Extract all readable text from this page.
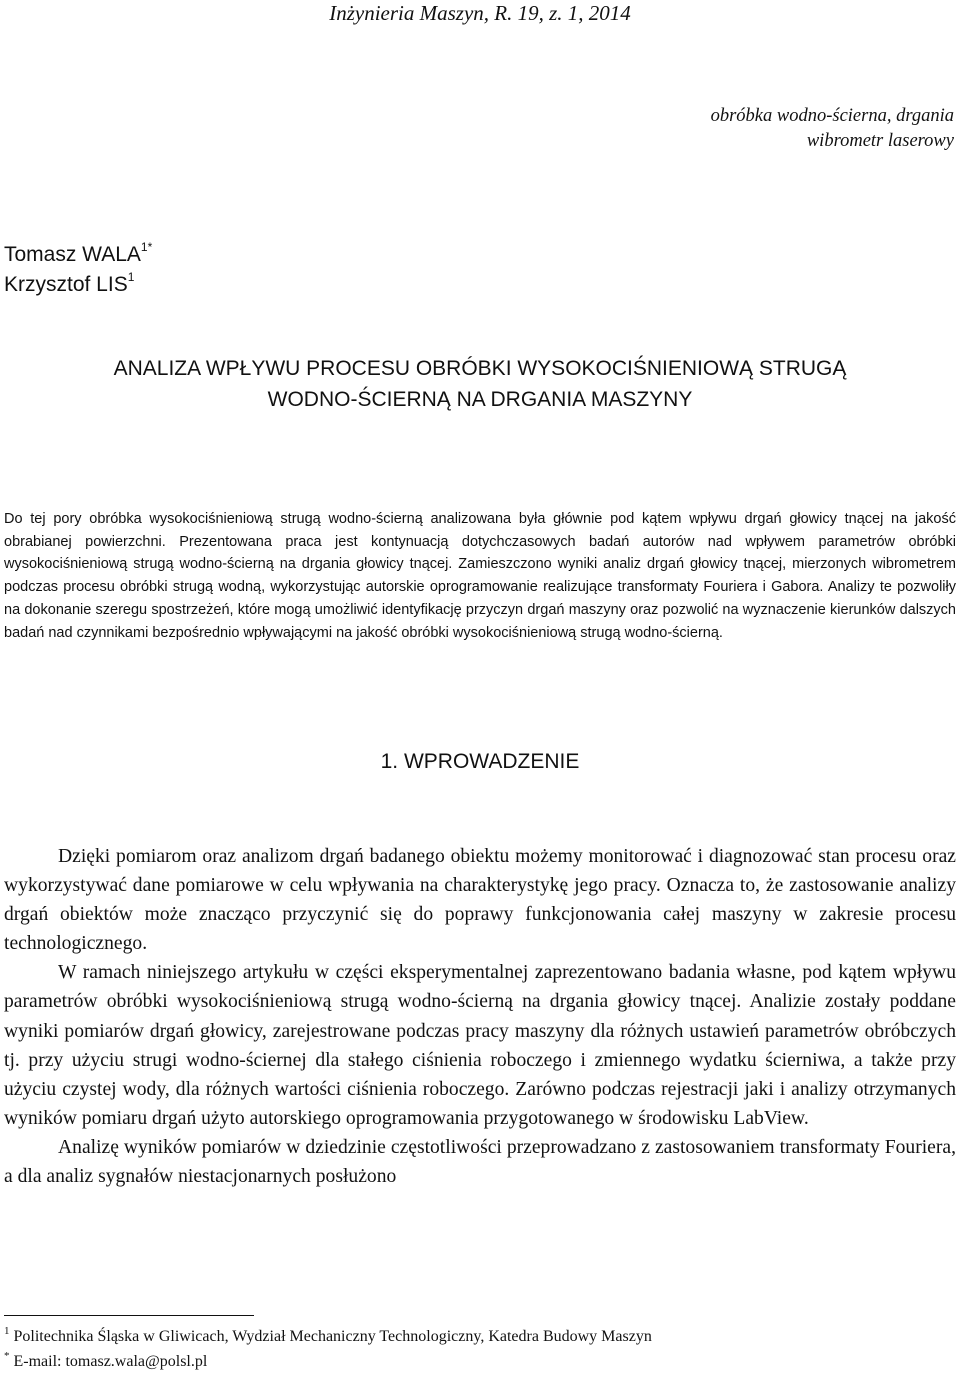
Inżynieria Maszyn, R. 19, z. 1, 2014
obróbka wodno-ścierna, drgania
wibrometr laserowy
Tomasz $WALA^{1*}$
Krzysztof LIS$^1$
ANALIZA WPŁYWU PROCESU OBRÓBKI WYSOKOCIŚNIENIOWĄ STRUGĄ
WODNO-ŚCIERNĄ NA DRGANIA MASZYNY

Do tej pory obróbka wysokociśnieniową strugą wodno-ścierną analizowana była głównie pod kątem wpływu drgań głowicy tnącej na jakość obrabianej powierzchni. Prezentowana praca jest kontynuacją dotychczasowych badań autorów nad wpływem parametrów obróbki wysokociśnieniową strugą wodno-ścierną na drgania głowicy tnącej. Zamieszczono wyniki analiz drgań głowicy tnącej, mierzonych wibrometrem podczas procesu obróbki strugą wodną, wykorzystując autorskie oprogramowanie realizujące transformaty Fouriera i Gabora. Analizy te pozwoliły na dokonanie szeregu spostrzeżeń, które mogą umożliwić identyfikację przyczyn drgań maszyny oraz pozwolić na wyznaczenie kierunków dalszych badań nad czynnikami bezpośrednio wpływającymi na jakość obróbki wysokociśnieniową strugą wodno-ścierną.

1. WPROWADZENIE

Dzięki pomiarom oraz analizom drgań badanego obiektu możemy monitorować i diagnozować stan procesu oraz wykorzystywać dane pomiarowe w celu wpływania na charakterystykę jego pracy. Oznacza to, że zastosowanie analizy drgań obiektów może znacząco przyczynić się do poprawy funkcjonowania całej maszyny w zakresie procesu technologicznego.

W ramach niniejszego artykułu w części eksperymentalnej zaprezentowano badania własne, pod kątem wpływu parametrów obróbki wysokociśnieniową strugą wodno-ścierną na drgania głowicy tnącej. Analizie zostały poddane wyniki pomiarów drgań głowicy, zarejestrowane podczas pracy maszyny dla różnych ustawień parametrów obróbczych tj. przy użyciu strugi wodno-ściernej dla stałego ciśnienia roboczego i zmiennego wydatku ścierniwa, a także przy użyciu czystej wody, dla różnych wartości ciśnienia roboczego. Zarówno podczas rejestracji jaki i analizy otrzymanych wyników pomiaru drgań użyto autorskiego oprogramowania przygotowanego w środowisku LabView.

Analizę wyników pomiarów w dziedzinie częstotliwości przeprowadzano z zastosowaniem transformaty Fouriera, a dla analiz sygnałów niestacjonarnych posłużono

$^1$ Politechnika Śląska w Gliwicach, Wydział Mechaniczny Technologiczny, Katedra Budowy Maszyn
* E-mail: tomasz.wala@polsl.pl
